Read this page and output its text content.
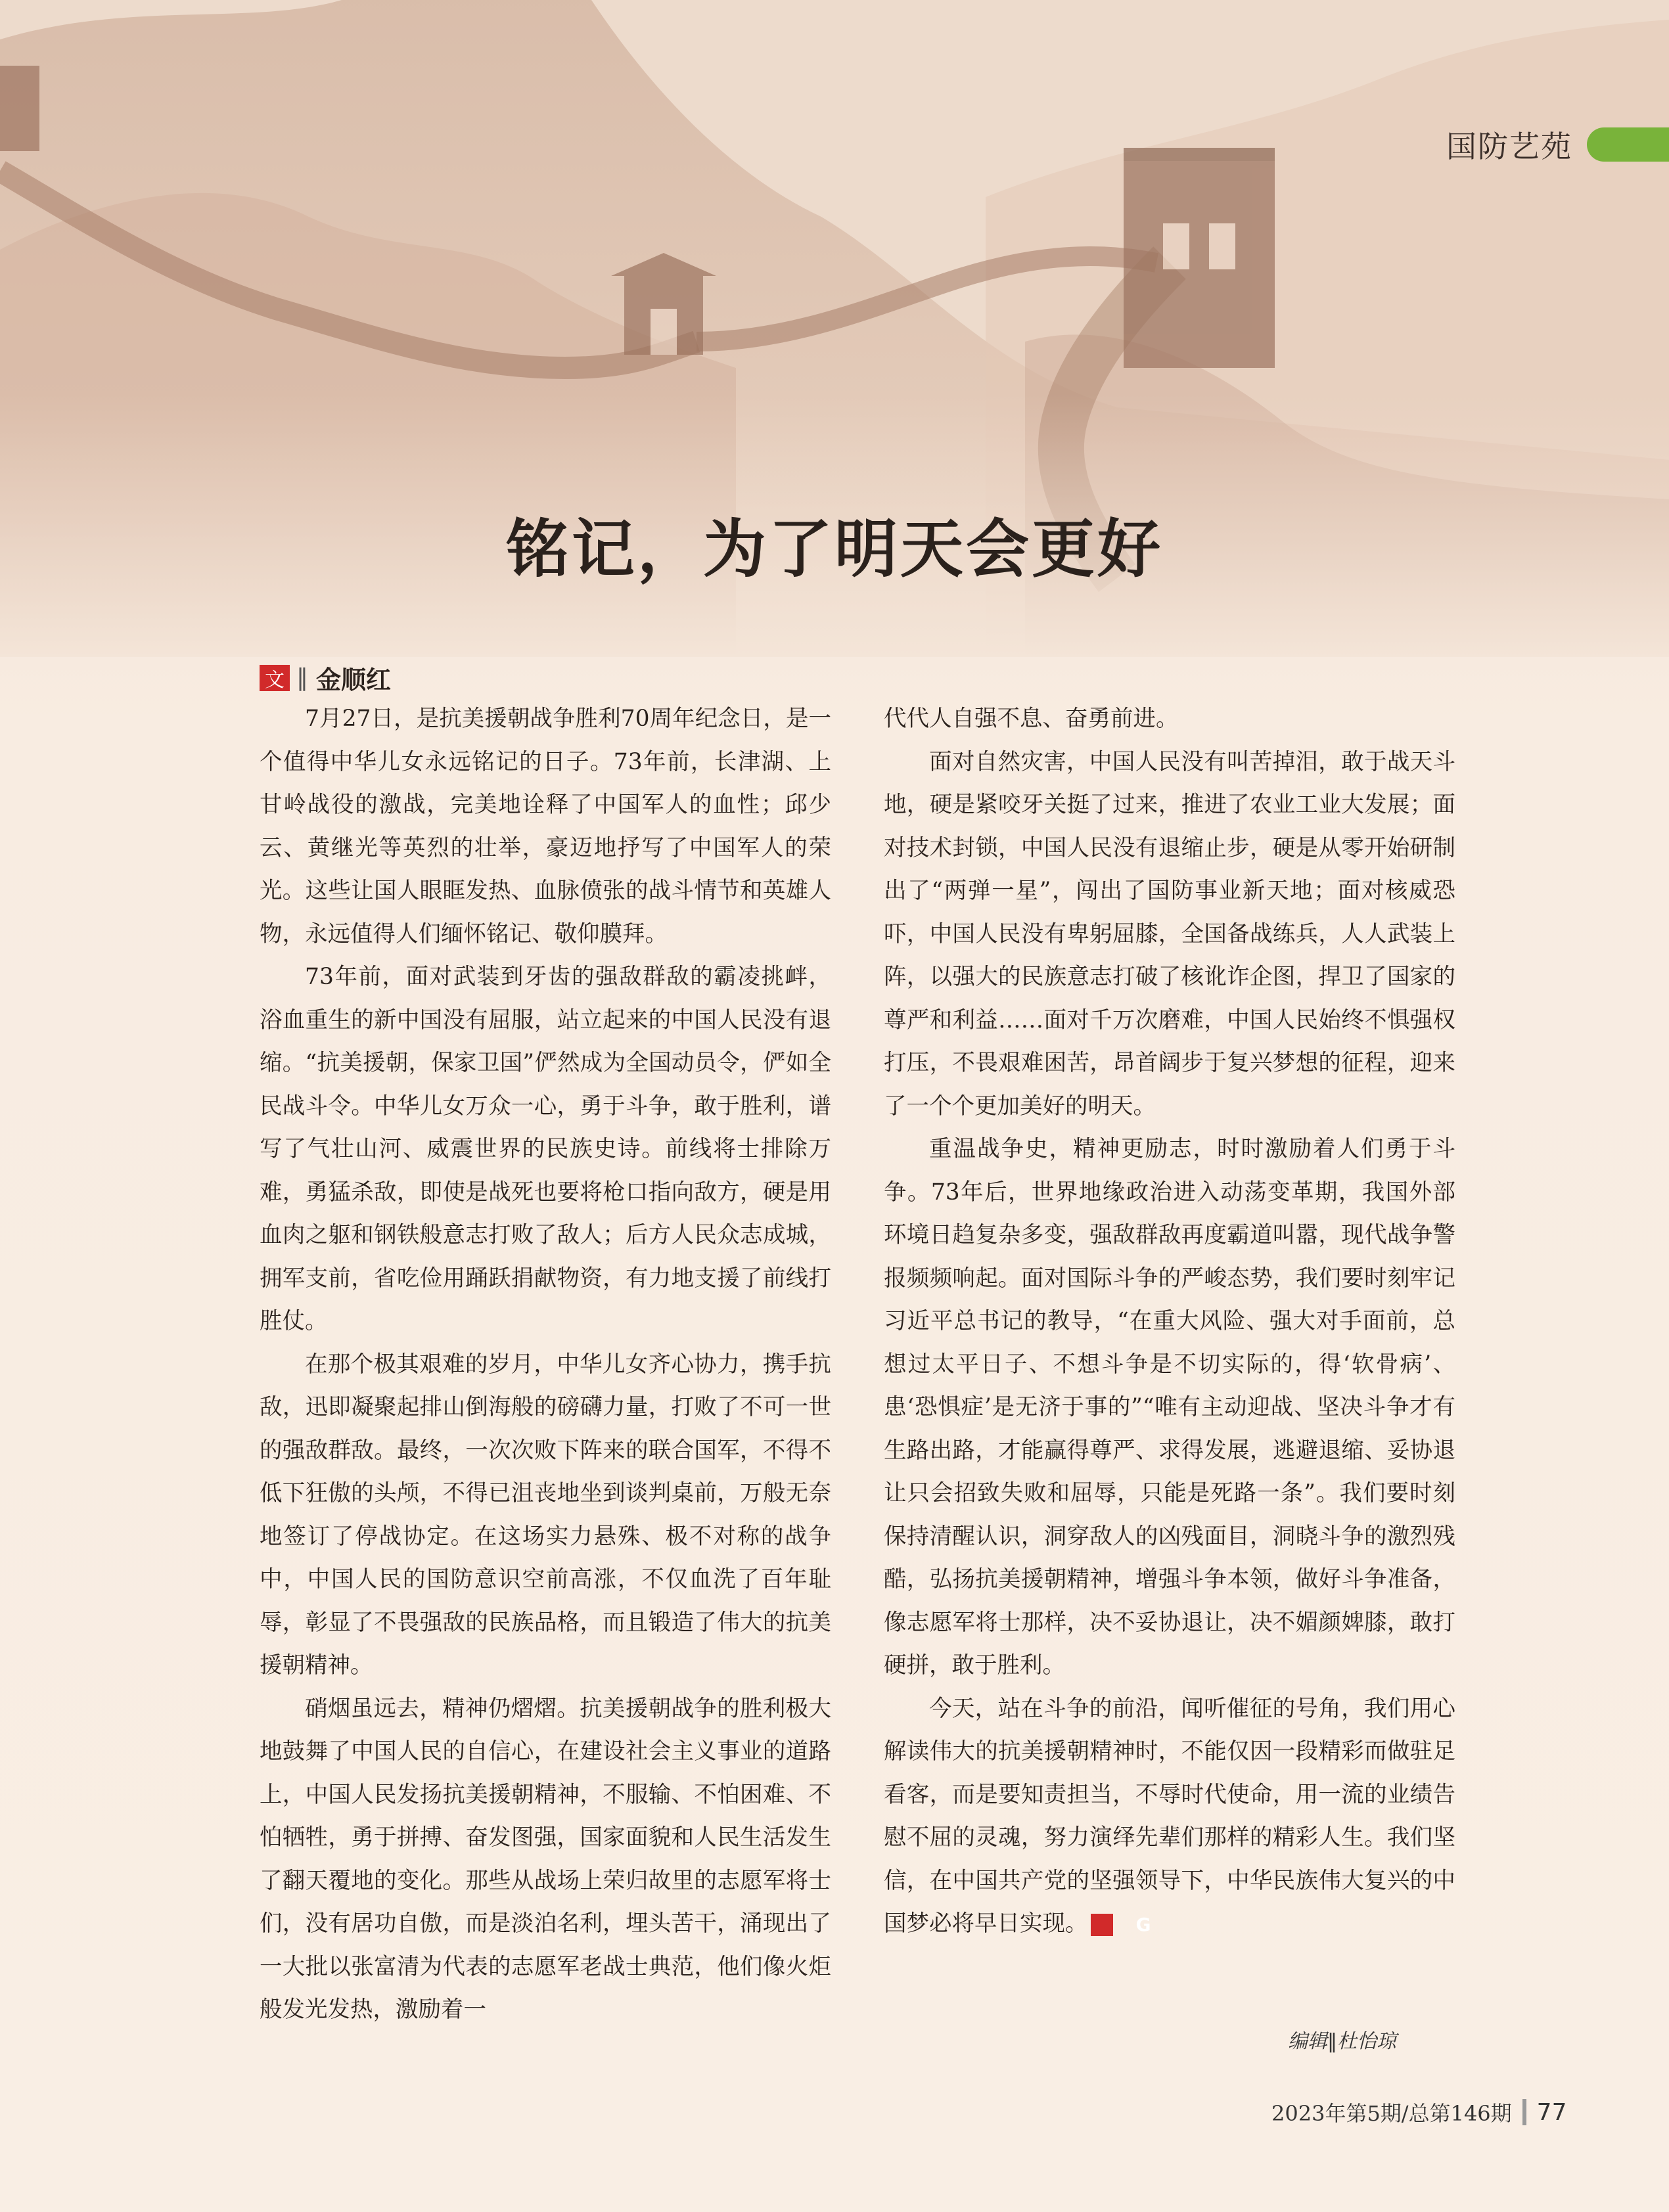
国防艺苑
铭记，为了明天会更好
文 ‖ 金顺红

7月27日，是抗美援朝战争胜利70周年纪念日，是一个值得中华儿女永远铭记的日子。73年前，长津湖、上甘岭战役的激战，完美地诠释了中国军人的血性；邱少云、黄继光等英烈的壮举，豪迈地抒写了中国军人的荣光。这些让国人眼眶发热、血脉偾张的战斗情节和英雄人物，永远值得人们缅怀铭记、敬仰膜拜。

73年前，面对武装到牙齿的强敌群敌的霸凌挑衅，浴血重生的新中国没有屈服，站立起来的中国人民没有退缩。“抗美援朝，保家卫国”俨然成为全国动员令，俨如全民战斗令。中华儿女万众一心，勇于斗争，敢于胜利，谱写了气壮山河、威震世界的民族史诗。前线将士排除万难，勇猛杀敌，即使是战死也要将枪口指向敌方，硬是用血肉之躯和钢铁般意志打败了敌人；后方人民众志成城，拥军支前，省吃俭用踊跃捐献物资，有力地支援了前线打胜仗。

在那个极其艰难的岁月，中华儿女齐心协力，携手抗敌，迅即凝聚起排山倒海般的磅礴力量，打败了不可一世的强敌群敌。最终，一次次败下阵来的联合国军，不得不低下狂傲的头颅，不得已沮丧地坐到谈判桌前，万般无奈地签订了停战协定。在这场实力悬殊、极不对称的战争中，中国人民的国防意识空前高涨，不仅血洗了百年耻辱，彰显了不畏强敌的民族品格，而且锻造了伟大的抗美援朝精神。

硝烟虽远去，精神仍熠熠。抗美援朝战争的胜利极大地鼓舞了中国人民的自信心，在建设社会主义事业的道路上，中国人民发扬抗美援朝精神，不服输、不怕困难、不怕牺牲，勇于拼搏、奋发图强，国家面貌和人民生活发生了翻天覆地的变化。那些从战场上荣归故里的志愿军将士们，没有居功自傲，而是淡泊名利，埋头苦干，涌现出了一大批以张富清为代表的志愿军老战士典范，他们像火炬般发光发热，激励着一

代代人自强不息、奋勇前进。

面对自然灾害，中国人民没有叫苦掉泪，敢于战天斗地，硬是紧咬牙关挺了过来，推进了农业工业大发展；面对技术封锁，中国人民没有退缩止步，硬是从零开始研制出了“两弹一星”，闯出了国防事业新天地；面对核威恐吓，中国人民没有卑躬屈膝，全国备战练兵，人人武装上阵，以强大的民族意志打破了核讹诈企图，捍卫了国家的尊严和利益……面对千万次磨难，中国人民始终不惧强权打压，不畏艰难困苦，昂首阔步于复兴梦想的征程，迎来了一个个更加美好的明天。

重温战争史，精神更励志，时时激励着人们勇于斗争。73年后，世界地缘政治进入动荡变革期，我国外部环境日趋复杂多变，强敌群敌再度霸道叫嚣，现代战争警报频频响起。面对国际斗争的严峻态势，我们要时刻牢记习近平总书记的教导，“在重大风险、强大对手面前，总想过太平日子、不想斗争是不切实际的，得‘软骨病’、患‘恐惧症’是无济于事的”“唯有主动迎战、坚决斗争才有生路出路，才能赢得尊严、求得发展，逃避退缩、妥协退让只会招致失败和屈辱，只能是死路一条”。我们要时刻保持清醒认识，洞穿敌人的凶残面目，洞晓斗争的激烈残酷，弘扬抗美援朝精神，增强斗争本领，做好斗争准备，像志愿军将士那样，决不妥协退让，决不媚颜婢膝，敢打硬拼，敢于胜利。

今天，站在斗争的前沿，闻听催征的号角，我们用心解读伟大的抗美援朝精神时，不能仅因一段精彩而做驻足看客，而是要知责担当，不辱时代使命，用一流的业绩告慰不屈的灵魂，努力演绎先辈们那样的精彩人生。我们坚信，在中国共产党的坚强领导下，中华民族伟大复兴的中国梦必将早日实现。	G

编辑‖杜怡琼
2023年第5期/总第146期 77
